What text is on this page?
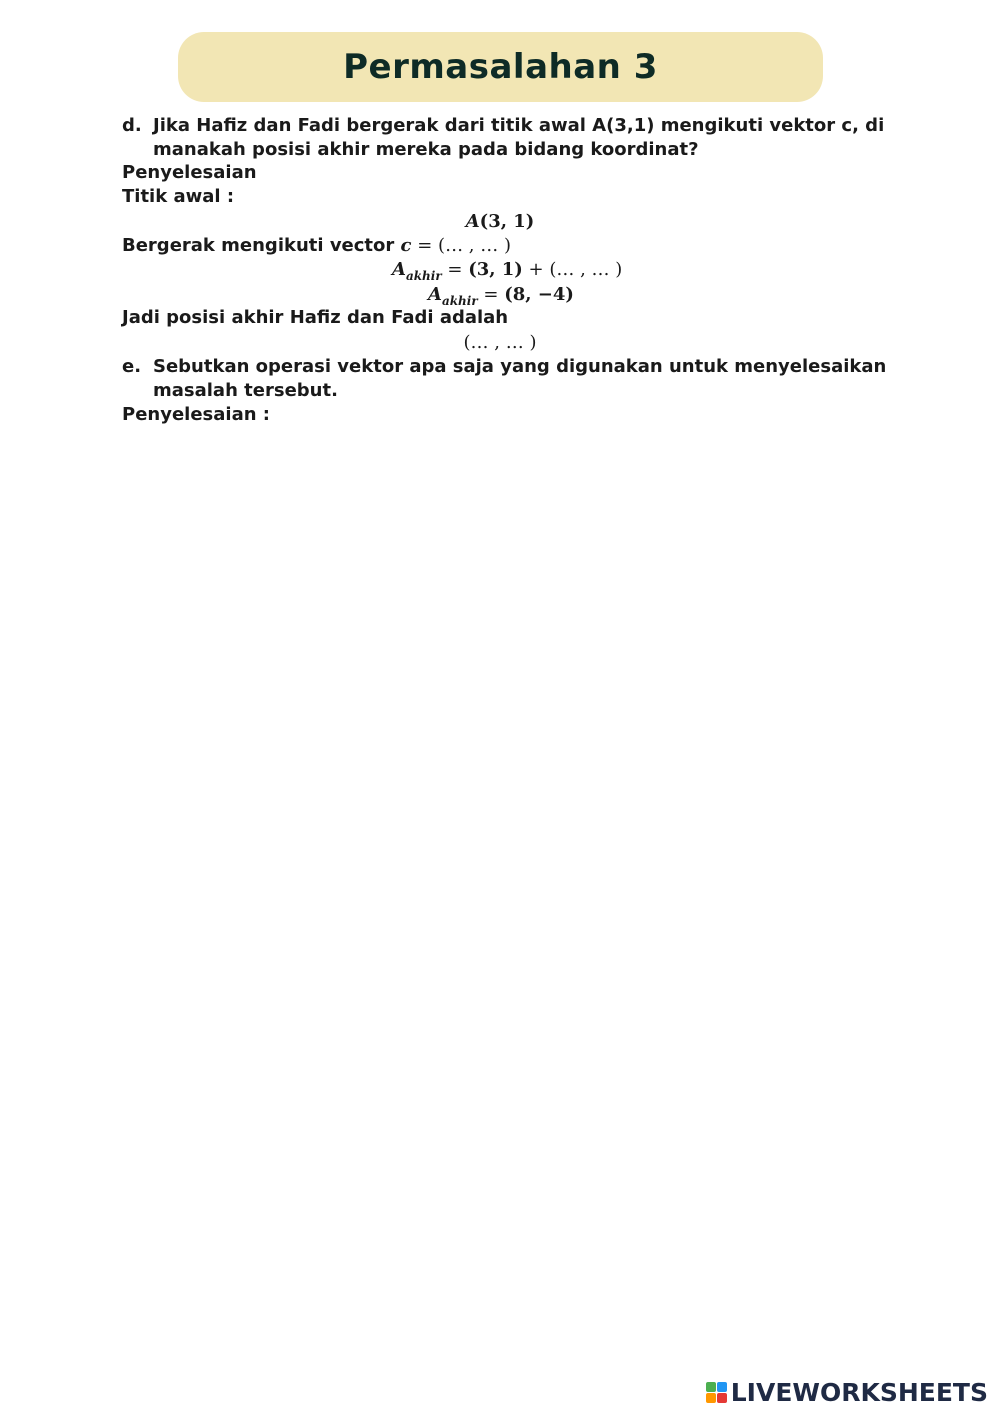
Permasalahan 3
d. Jika Hafiz dan Fadi bergerak dari titik awal A(3,1) mengikuti vektor c, di
manakah posisi akhir mereka pada bidang koordinat?
Penyelesaian
Titik awal :
A(3, 1)
Bergerak mengikuti vector c = (… , … )
$A_{akhir} = (3$, 1) + (… , … )
$A_{akhir} = (8$, −4)
Jadi posisi akhir Hafiz dan Fadi adalah
(… , … )
e. Sebutkan operasi vektor apa saja yang digunakan untuk menyelesaikan
masalah tersebut.
Penyelesaian :
LIVEWORKSHEETS
